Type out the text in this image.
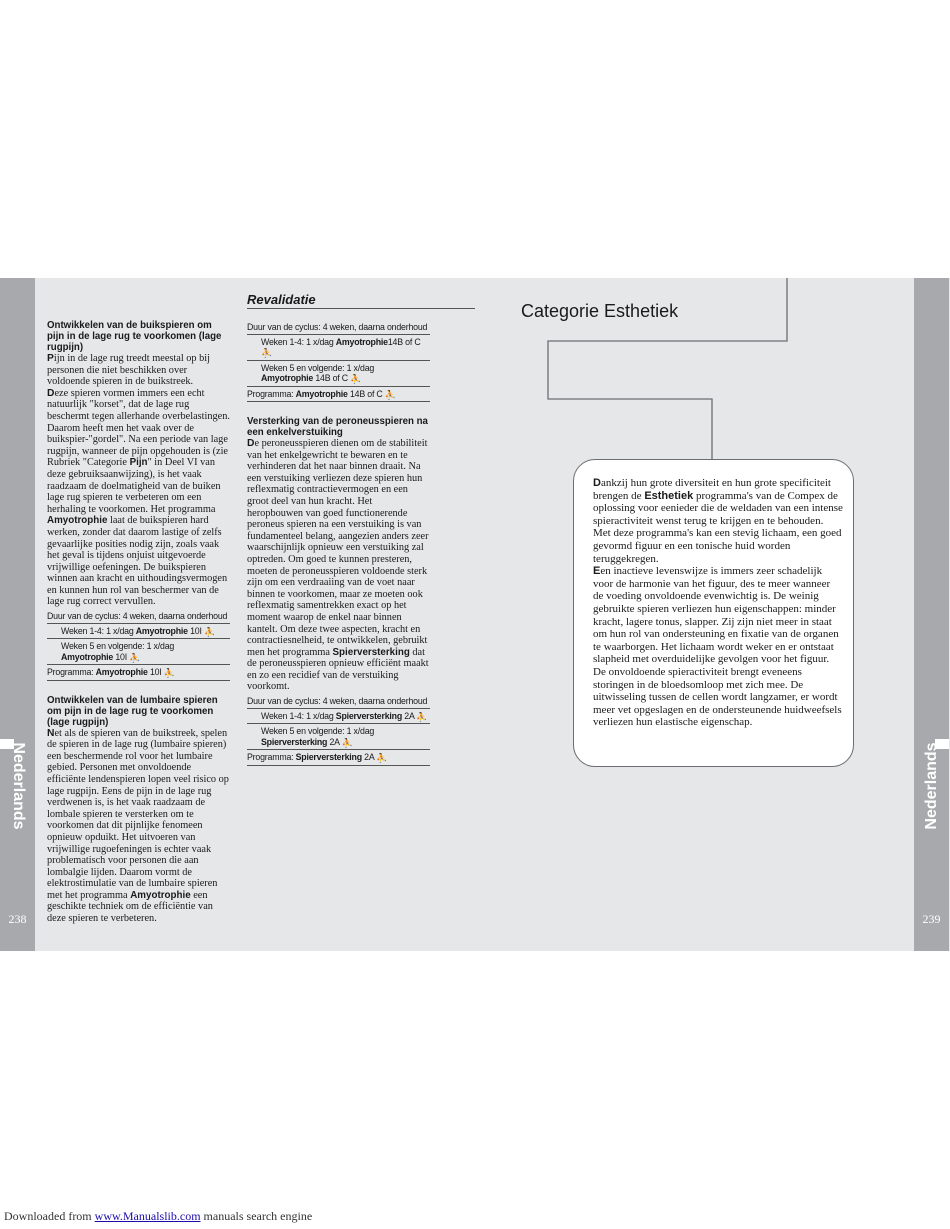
Nederlands
238

Ontwikkelen van de buikspieren om pijn in de lage rug te voorkomen (lage rugpijn)

Pijn in de lage rug treedt meestal op bij personen die niet beschikken over voldoende spieren in de buikstreek.

Deze spieren vormen immers een echt natuurlijk "korset", dat de lage rug beschermt tegen allerhande overbelastingen. Daarom heeft men het vaak over de buikspier-"gordel". Na een periode van lage rugpijn, wanneer de pijn opgehouden is (zie Rubriek "Categorie Pijn" in Deel VI van deze gebruiksaanwijzing), is het vaak raadzaam de doelmatigheid van de buiken lage rug spieren te verbeteren om een herhaling te voorkomen. Het programma Amyotrophie laat de buikspieren hard werken, zonder dat daarom lastige of zelfs gevaarlijke posities nodig zijn, zoals vaak het geval is tijdens onjuist uitgevoerde vrijwillige oefeningen. De buikspieren winnen aan kracht en uithoudingsvermogen en kunnen hun rol van beschermer van de lage rug correct vervullen.

Duur van de cyclus: 4 weken, daarna onderhoud
Weken 1-4: 1 x/dag Amyotrophie 10I ⛹
Weken 5 en volgende: 1 x/dag
Amyotrophie 10I ⛹
Programma: Amyotrophie 10I ⛹

Ontwikkelen van de lumbaire spieren om pijn in de lage rug te voorkomen (lage rugpijn)

Net als de spieren van de buikstreek, spelen de spieren in de lage rug (lumbaire spieren) een beschermende rol voor het lumbaire gebied. Personen met onvoldoende efficiënte lendenspieren lopen veel risico op lage rugpijn. Eens de pijn in de lage rug verdwenen is, is het vaak raadzaam de lombale spieren te versterken om te voorkomen dat dit pijnlijke fenomeen opnieuw opduikt. Het uitvoeren van vrijwillige rugoefeningen is echter vaak problematisch voor personen die aan lombalgie lijden. Daarom vormt de elektrostimulatie van de lumbaire spieren met het programma Amyotrophie een geschikte techniek om de efficiëntie van deze spieren te verbeteren.

Revalidatie
Duur van de cyclus: 4 weken, daarna onderhoud
Weken 1-4: 1 x/dag Amyotrophie14B of C ⛹
Weken 5 en volgende: 1 x/dag
Amyotrophie 14B of C ⛹
Programma: Amyotrophie 14B of C ⛹

Versterking van de peroneusspieren na een enkelverstuiking

De peroneusspieren dienen om de stabiliteit van het enkelgewricht te bewaren en te verhinderen dat het naar binnen draait. Na een verstuiking verliezen deze spieren hun reflexmatig contractievermogen en een groot deel van hun kracht. Het heropbouwen van goed functionerende peroneus spieren na een verstuiking is van fundamenteel belang, aangezien anders zeer waarschijnlijk opnieuw een verstuiking zal optreden. Om goed te kunnen presteren, moeten de peroneusspieren voldoende sterk zijn om een verdraaiing van de voet naar binnen te voorkomen, maar ze moeten ook reflexmatig samentrekken exact op het moment waarop de enkel naar binnen kantelt. Om deze twee aspecten, kracht en contractiesnelheid, te ontwikkelen, gebruikt men het programma Spierversterking dat de peroneusspieren opnieuw efficiënt maakt en zo een recidief van de verstuiking voorkomt.

Duur van de cyclus: 4 weken, daarna onderhoud
Weken 1-4: 1 x/dag Spierversterking 2A ⛹
Weken 5 en volgende: 1 x/dag
Spierversterking 2A ⛹
Programma: Spierversterking 2A ⛹
Categorie Esthetiek

Dankzij hun grote diversiteit en hun grote specificiteit brengen de Esthetiek programma's van de Compex de oplossing voor eenieder die de weldaden van een intense spieractiviteit wenst terug te krijgen en te behouden. Met deze programma's kan een stevig lichaam, een goed gevormd figuur en een tonische huid worden teruggekregen.

Een inactieve levenswijze is immers zeer schadelijk voor de harmonie van het figuur, des te meer wanneer de voeding onvoldoende evenwichtig is. De weinig gebruikte spieren verliezen hun eigenschappen: minder kracht, lagere tonus, slapper. Zij zijn niet meer in staat om hun rol van ondersteuning en fixatie van de organen te waarborgen. Het lichaam wordt weker en er ontstaat slapheid met overduidelijke gevolgen voor het figuur. De onvoldoende spieractiviteit brengt eveneens storingen in de bloedsomloop met zich mee. De uitwisseling tussen de cellen wordt langzamer, er wordt meer vet opgeslagen en de ondersteunende huidweefsels verliezen hun elastische eigenschap.

Nederlands
239
Downloaded from www.Manualslib.com manuals search engine
